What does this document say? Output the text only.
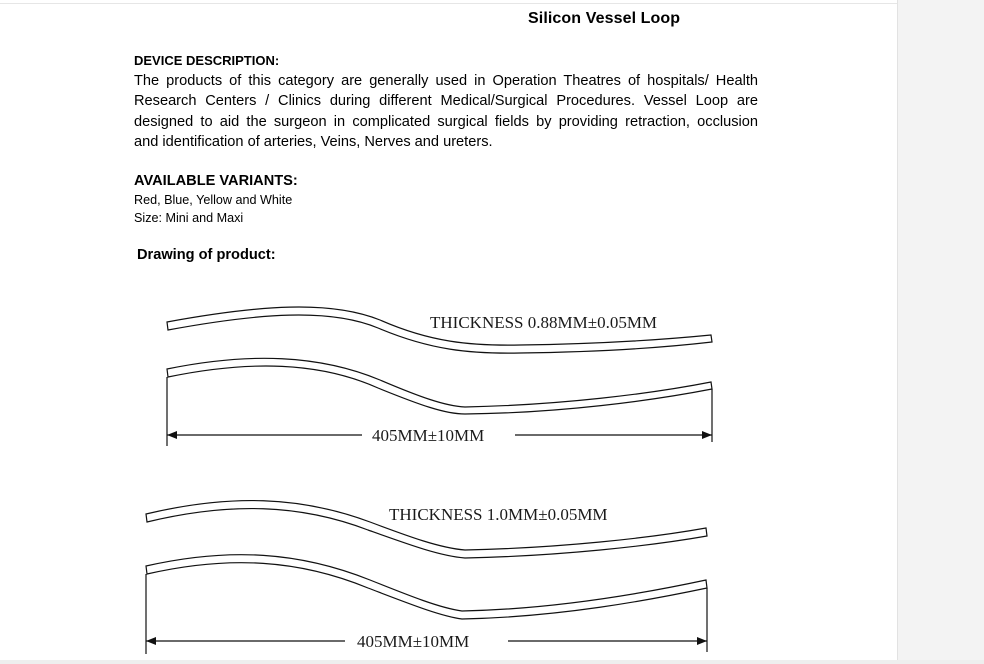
Silicon Vessel Loop
DEVICE DESCRIPTION:
The products of this category are generally used in Operation Theatres of hospitals/ Health
Research Centers / Clinics during different Medical/Surgical Procedures. Vessel Loop are
designed to aid the surgeon in complicated surgical fields by providing retraction, occlusion
and identification of arteries, Veins, Nerves and ureters.
AVAILABLE VARIANTS:
Red, Blue, Yellow and White
Size: Mini and Maxi
Drawing of product:
THICKNESS 0.88MM±0.05MM
405MM±10MM
THICKNESS 1.0MM±0.05MM
405MM±10MM
